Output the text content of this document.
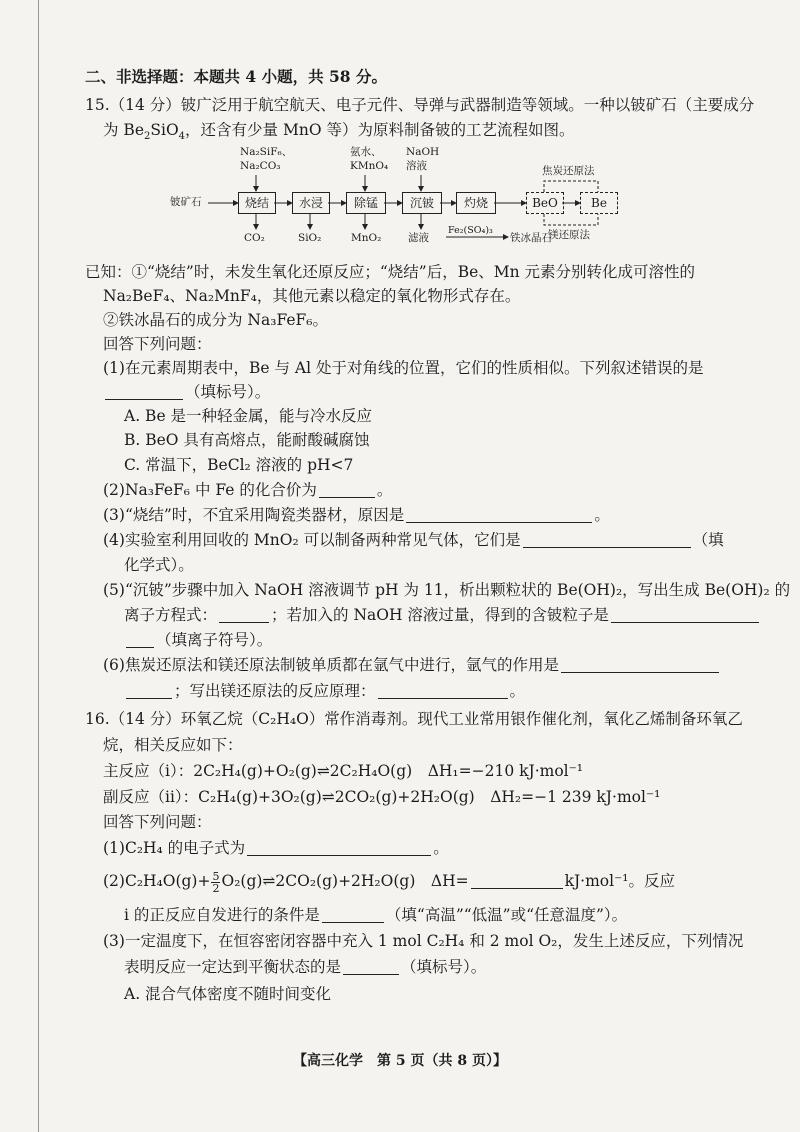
二、非选择题：本题共 4 小题，共 58 分。
15.（14 分）铍广泛用于航空航天、电子元件、导弹与武器制造等领域。一种以铍矿石（主要成分
为 $Be_2SiO_4$，还含有少量 MnO 等）为原料制备铍的工艺流程如图。
铍矿石
Na₂SiF₆、
Na₂CO₃
氨水、
KMnO₄
NaOH
溶液
烧结	水浸	除锰	沉铍	灼烧	BeO	Be
CO₂	SiO₂	MnO₂	滤液
Fe₂(SO₄)₃
铁冰晶石
焦炭还原法
镁还原法
已知：①“烧结”时，未发生氧化还原反应；“烧结”后，Be、Mn 元素分别转化成可溶性的
Na₂BeF₄、Na₂MnF₄，其他元素以稳定的氧化物形式存在。
②铁冰晶石的成分为 Na₃FeF₆。
回答下列问题：
(1)在元素周期表中，Be 与 Al 处于对角线的位置，它们的性质相似。下列叙述错误的是
（填标号）。
A. Be 是一种轻金属，能与冷水反应
B. BeO 具有高熔点，能耐酸碱腐蚀
C. 常温下，BeCl₂ 溶液的 pH<7
(2)Na₃FeF₆ 中 Fe 的化合价为	。
(3)“烧结”时，不宜采用陶瓷类器材，原因是	。
(4)实验室利用回收的 MnO₂ 可以制备两种常见气体，它们是	（填
化学式）。
(5)“沉铍”步骤中加入 NaOH 溶液调节 pH 为 11，析出颗粒状的 Be(OH)₂，写出生成 Be(OH)₂ 的
离子方程式：	；若加入的 NaOH 溶液过量，得到的含铍粒子是
（填离子符号）。
(6)焦炭还原法和镁还原法制铍单质都在氩气中进行，氩气的作用是
；写出镁还原法的反应原理：	。
16.（14 分）环氧乙烷（C₂H₄O）常作消毒剂。现代工业常用银作催化剂，氧化乙烯制备环氧乙
烷，相关反应如下：
主反应（ⅰ）：2C₂H₄(g)+O₂(g)⇌2C₂H₄O(g)　ΔH₁=−210 kJ·mol⁻¹
副反应（ⅱ）：C₂H₄(g)+3O₂(g)⇌2CO₂(g)+2H₂O(g)　ΔH₂=−1 239 kJ·mol⁻¹
回答下列问题：
(1)C₂H₄ 的电子式为	。
$(2)C_2H_4O(g)+ \frac{5}{2}$ O₂(g)⇌2CO₂(g)+2H₂O(g)　ΔH=	kJ·mol⁻¹。反应
ⅰ 的正反应自发进行的条件是	（填“高温”“低温”或“任意温度”）。
(3)一定温度下，在恒容密闭容器中充入 1 mol C₂H₄ 和 2 mol O₂，发生上述反应，下列情况
表明反应一定达到平衡状态的是	（填标号）。
A. 混合气体密度不随时间变化
【高三化学　第 5 页（共 8 页）】
